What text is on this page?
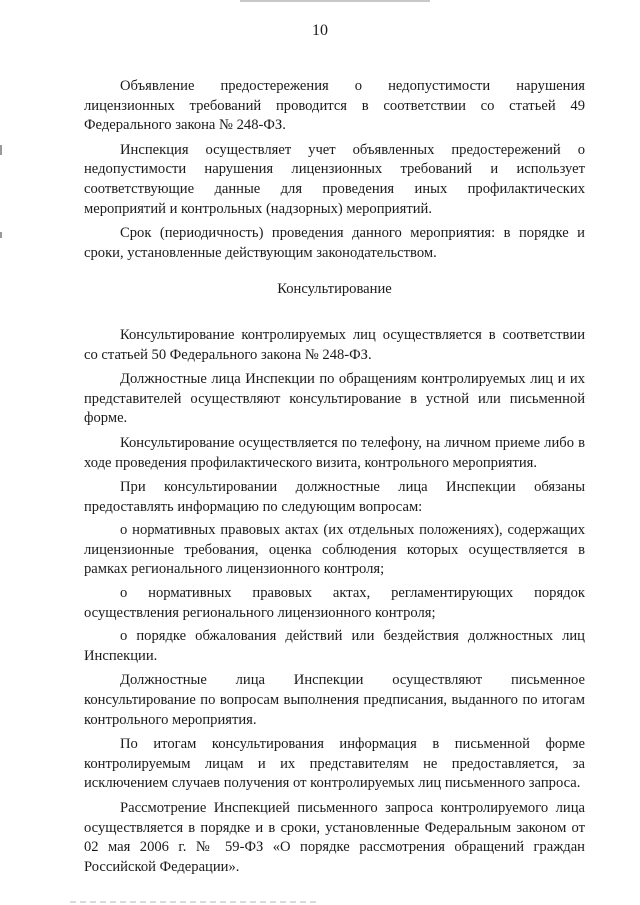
10

Объявление предостережения о недопустимости нарушения лицензионных требований проводится в соответствии со статьей 49 Федерального закона № 248-ФЗ.

Инспекция осуществляет учет объявленных предостережений о недопустимости нарушения лицензионных требований и использует соответствующие данные для проведения иных профилактических мероприятий и контрольных (надзорных) мероприятий.

Срок (периодичность) проведения данного мероприятия: в порядке и сроки, установленные действующим законодательством.

Консультирование

Консультирование контролируемых лиц осуществляется в соответствии со статьей 50 Федерального закона № 248-ФЗ.

Должностные лица Инспекции по обращениям контролируемых лиц и их представителей осуществляют консультирование в устной или письменной форме.

Консультирование осуществляется по телефону, на личном приеме либо в ходе проведения профилактического визита, контрольного мероприятия.

При консультировании должностные лица Инспекции обязаны предоставлять информацию по следующим вопросам:

о нормативных правовых актах (их отдельных положениях), содержащих лицензионные требования, оценка соблюдения которых осуществляется в рамках регионального лицензионного контроля;

о нормативных правовых актах, регламентирующих порядок осуществления регионального лицензионного контроля;

о порядке обжалования действий или бездействия должностных лиц Инспекции.

Должностные лица Инспекции осуществляют письменное консультирование по вопросам выполнения предписания, выданного по итогам контрольного мероприятия.

По итогам консультирования информация в письменной форме контролируемым лицам и их представителям не предоставляется, за исключением случаев получения от контролируемых лиц письменного запроса.

Рассмотрение Инспекцией письменного запроса контролируемого лица осуществляется в порядке и в сроки, установленные Федеральным законом от 02 мая 2006 г. № 59-ФЗ «О порядке рассмотрения обращений граждан Российской Федерации».
